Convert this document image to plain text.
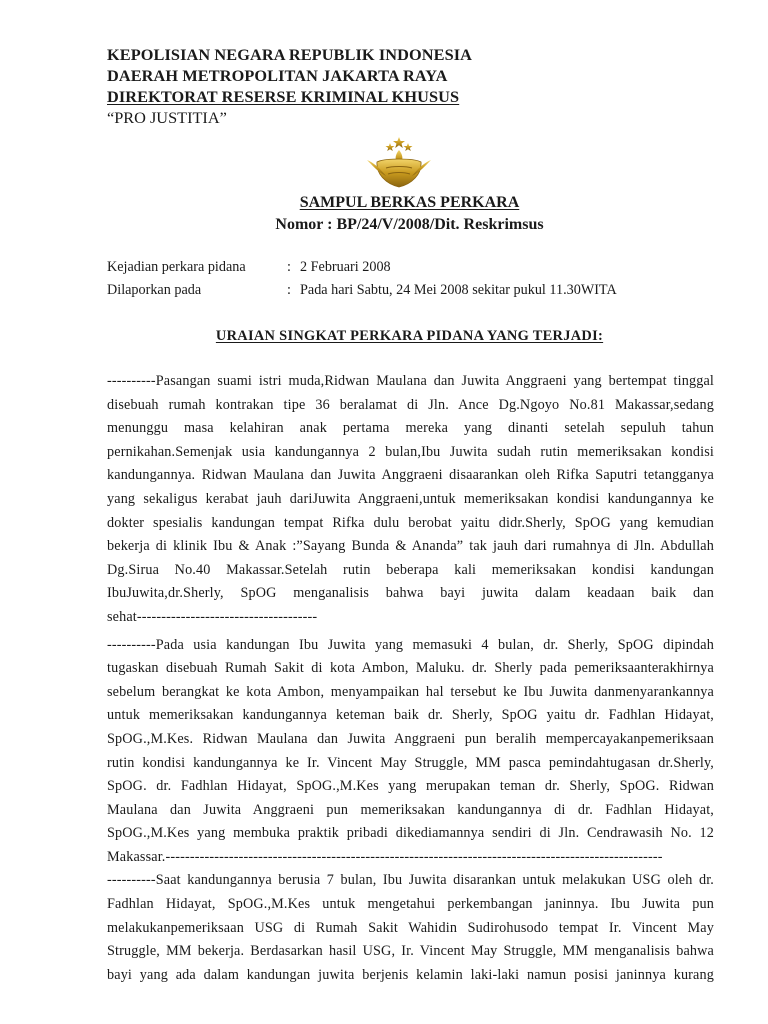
KEPOLISIAN NEGARA REPUBLIK INDONESIA
DAERAH METROPOLITAN JAKARTA RAYA
DIREKTORAT RESERSE KRIMINAL KHUSUS
“PRO JUSTITIA”
SAMPUL BERKAS PERKARA
Nomor : BP/24/V/2008/Dit. Reskrimsus
Kejadian perkara pidana	: 2 Februari 2008
Dilaporkan pada	: Pada hari Sabtu, 24 Mei 2008 sekitar pukul 11.30WITA
URAIAN SINGKAT PERKARA PIDANA YANG TERJADI:

----------Pasangan suami istri muda,Ridwan Maulana dan Juwita Anggraeni yang bertempat tinggal
disebuah rumah kontrakan tipe 36 beralamat di Jln. Ance Dg.Ngoyo No.81 Makassar,sedang
menunggu masa kelahiran anak pertama mereka yang dinanti setelah sepuluh tahun
pernikahan.Semenjak usia kandungannya 2 bulan,Ibu Juwita sudah rutin memeriksakan kondisi
kandungannya. Ridwan Maulana dan Juwita Anggraeni disaarankan oleh Rifka Saputri tetangganya
yang sekaligus kerabat jauh dariJuwita Anggraeni,untuk memeriksakan kondisi kandungannya ke
dokter spesialis kandungan tempat Rifka dulu berobat yaitu didr.Sherly, SpOG yang kemudian
bekerja di klinik Ibu & Anak :”Sayang Bunda & Ananda” tak jauh dari rumahnya di Jln. Abdullah
Dg.Sirua No.40 Makassar.Setelah rutin beberapa kali memeriksakan kondisi kandungan
IbuJuwita,dr.Sherly, SpOG menganalisis bahwa bayi juwita dalam keadaan baik dan
sehat-------------------------------------

----------Pada usia kandungan Ibu Juwita yang memasuki 4 bulan, dr. Sherly, SpOG dipindah
tugaskan disebuah Rumah Sakit di kota Ambon, Maluku. dr. Sherly pada pemeriksaanterakhirnya
sebelum berangkat ke kota Ambon, menyampaikan hal tersebut ke Ibu Juwita danmenyarankannya
untuk memeriksakan kandungannya keteman baik dr. Sherly, SpOG yaitu dr. Fadhlan Hidayat,
SpOG.,M.Kes. Ridwan Maulana dan Juwita Anggraeni pun beralih mempercayakanpemeriksaan
rutin kondisi kandungannya ke Ir. Vincent May Struggle, MM pasca pemindahtugasan dr.Sherly,
SpOG. dr. Fadhlan Hidayat, SpOG.,M.Kes yang merupakan teman dr. Sherly, SpOG. Ridwan
Maulana dan Juwita Anggraeni pun memeriksakan kandungannya di dr. Fadhlan Hidayat,
SpOG.,M.Kes yang membuka praktik pribadi dikediamannya sendiri di Jln. Cendrawasih No. 12
Makassar.------------------------------------------------------------------------------------------------------

----------Saat kandungannya berusia 7 bulan, Ibu Juwita disarankan untuk melakukan USG oleh dr.
Fadhlan Hidayat, SpOG.,M.Kes untuk mengetahui perkembangan janinnya. Ibu Juwita pun
melakukanpemeriksaan USG di Rumah Sakit Wahidin Sudirohusodo tempat Ir. Vincent May
Struggle, MM bekerja. Berdasarkan hasil USG, Ir. Vincent May Struggle, MM menganalisis bahwa
bayi yang ada dalam kandungan juwita berjenis kelamin laki-laki namun posisi janinnya kurang
